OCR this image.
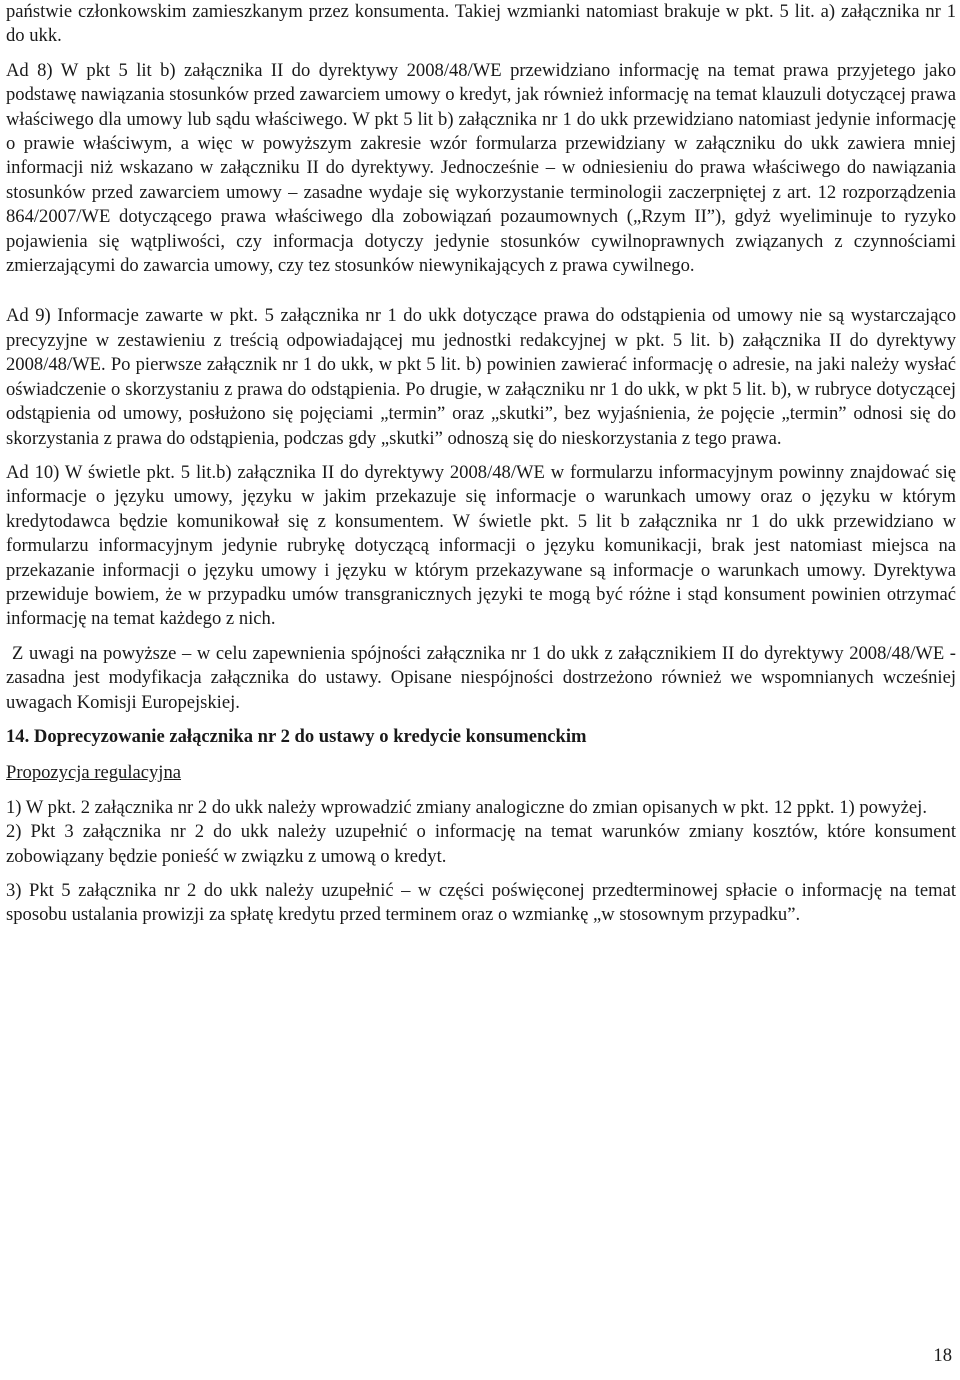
państwie członkowskim zamieszkanym przez konsumenta. Takiej wzmianki natomiast brakuje w pkt. 5 lit. a) załącznika nr 1 do ukk.

Ad 8) W pkt 5 lit b) załącznika II do dyrektywy 2008/48/WE przewidziano informację na temat prawa przyjetego jako podstawę nawiązania stosunków przed zawarciem umowy o kredyt, jak również informację na temat klauzuli dotyczącej prawa właściwego dla umowy lub sądu właściwego. W pkt 5 lit b) załącznika nr 1 do ukk przewidziano natomiast jedynie informację o prawie właściwym, a więc w powyższym zakresie wzór formularza przewidziany w załączniku do ukk zawiera mniej informacji niż wskazano w załączniku II do dyrektywy. Jednocześnie – w odniesieniu do prawa właściwego do nawiązania stosunków przed zawarciem umowy – zasadne wydaje się wykorzystanie terminologii zaczerpniętej z art. 12 rozporządzenia 864/2007/WE dotyczącego prawa właściwego dla zobowiązań pozaumownych („Rzym II”), gdyż wyeliminuje to ryzyko pojawienia się wątpliwości, czy informacja dotyczy jedynie stosunków cywilnoprawnych związanych z czynnościami zmierzającymi do zawarcia umowy, czy tez stosunków niewynikających z prawa cywilnego.

Ad 9) Informacje zawarte w pkt. 5 załącznika nr 1 do ukk dotyczące prawa do odstąpienia od umowy nie są wystarczająco precyzyjne w zestawieniu z treścią odpowiadającej mu jednostki redakcyjnej w pkt. 5 lit. b) załącznika II do dyrektywy 2008/48/WE. Po pierwsze załącznik nr 1 do ukk, w pkt 5 lit. b) powinien zawierać informację o adresie, na jaki należy wysłać oświadczenie o skorzystaniu z prawa do odstąpienia. Po drugie, w załączniku nr 1 do ukk, w pkt 5 lit. b), w rubryce dotyczącej odstąpienia od umowy, posłużono się pojęciami „termin” oraz „skutki”, bez wyjaśnienia, że pojęcie „termin” odnosi się do skorzystania z prawa do odstąpienia, podczas gdy „skutki” odnoszą się do nieskorzystania z tego prawa.

Ad 10) W świetle pkt. 5 lit.b) załącznika II do dyrektywy 2008/48/WE w formularzu informacyjnym powinny znajdować się informacje o języku umowy, języku w jakim przekazuje się informacje o warunkach umowy oraz o języku w którym kredytodawca będzie komunikował się z konsumentem. W świetle pkt. 5 lit b załącznika nr 1 do ukk przewidziano w formularzu informacyjnym jedynie rubrykę dotyczącą informacji o języku komunikacji, brak jest natomiast miejsca na przekazanie informacji o języku umowy i języku w którym przekazywane są informacje o warunkach umowy. Dyrektywa przewiduje bowiem, że w przypadku umów transgranicznych języki te mogą być różne i stąd konsument powinien otrzymać informację na temat każdego z nich.

Z uwagi na powyższe – w celu zapewnienia spójności załącznika nr 1 do ukk z załącznikiem II do dyrektywy 2008/48/WE - zasadna jest modyfikacja załącznika do ustawy. Opisane niespójności dostrzeżono również we wspomnianych wcześniej uwagach Komisji Europejskiej.

14. Doprecyzowanie załącznika nr 2 do ustawy o kredycie konsumenckim

Propozycja regulacyjna

1) W pkt. 2 załącznika nr 2 do ukk należy wprowadzić zmiany analogiczne do zmian opisanych w pkt. 12 ppkt. 1) powyżej.

2) Pkt 3 załącznika nr 2 do ukk należy uzupełnić o informację na temat warunków zmiany kosztów, które konsument zobowiązany będzie ponieść w związku z umową o kredyt.

3) Pkt 5 załącznika nr 2 do ukk należy uzupełnić – w części poświęconej przedterminowej spłacie o informację na temat sposobu ustalania prowizji za spłatę kredytu przed terminem oraz o wzmiankę „w stosownym przypadku”.

18
